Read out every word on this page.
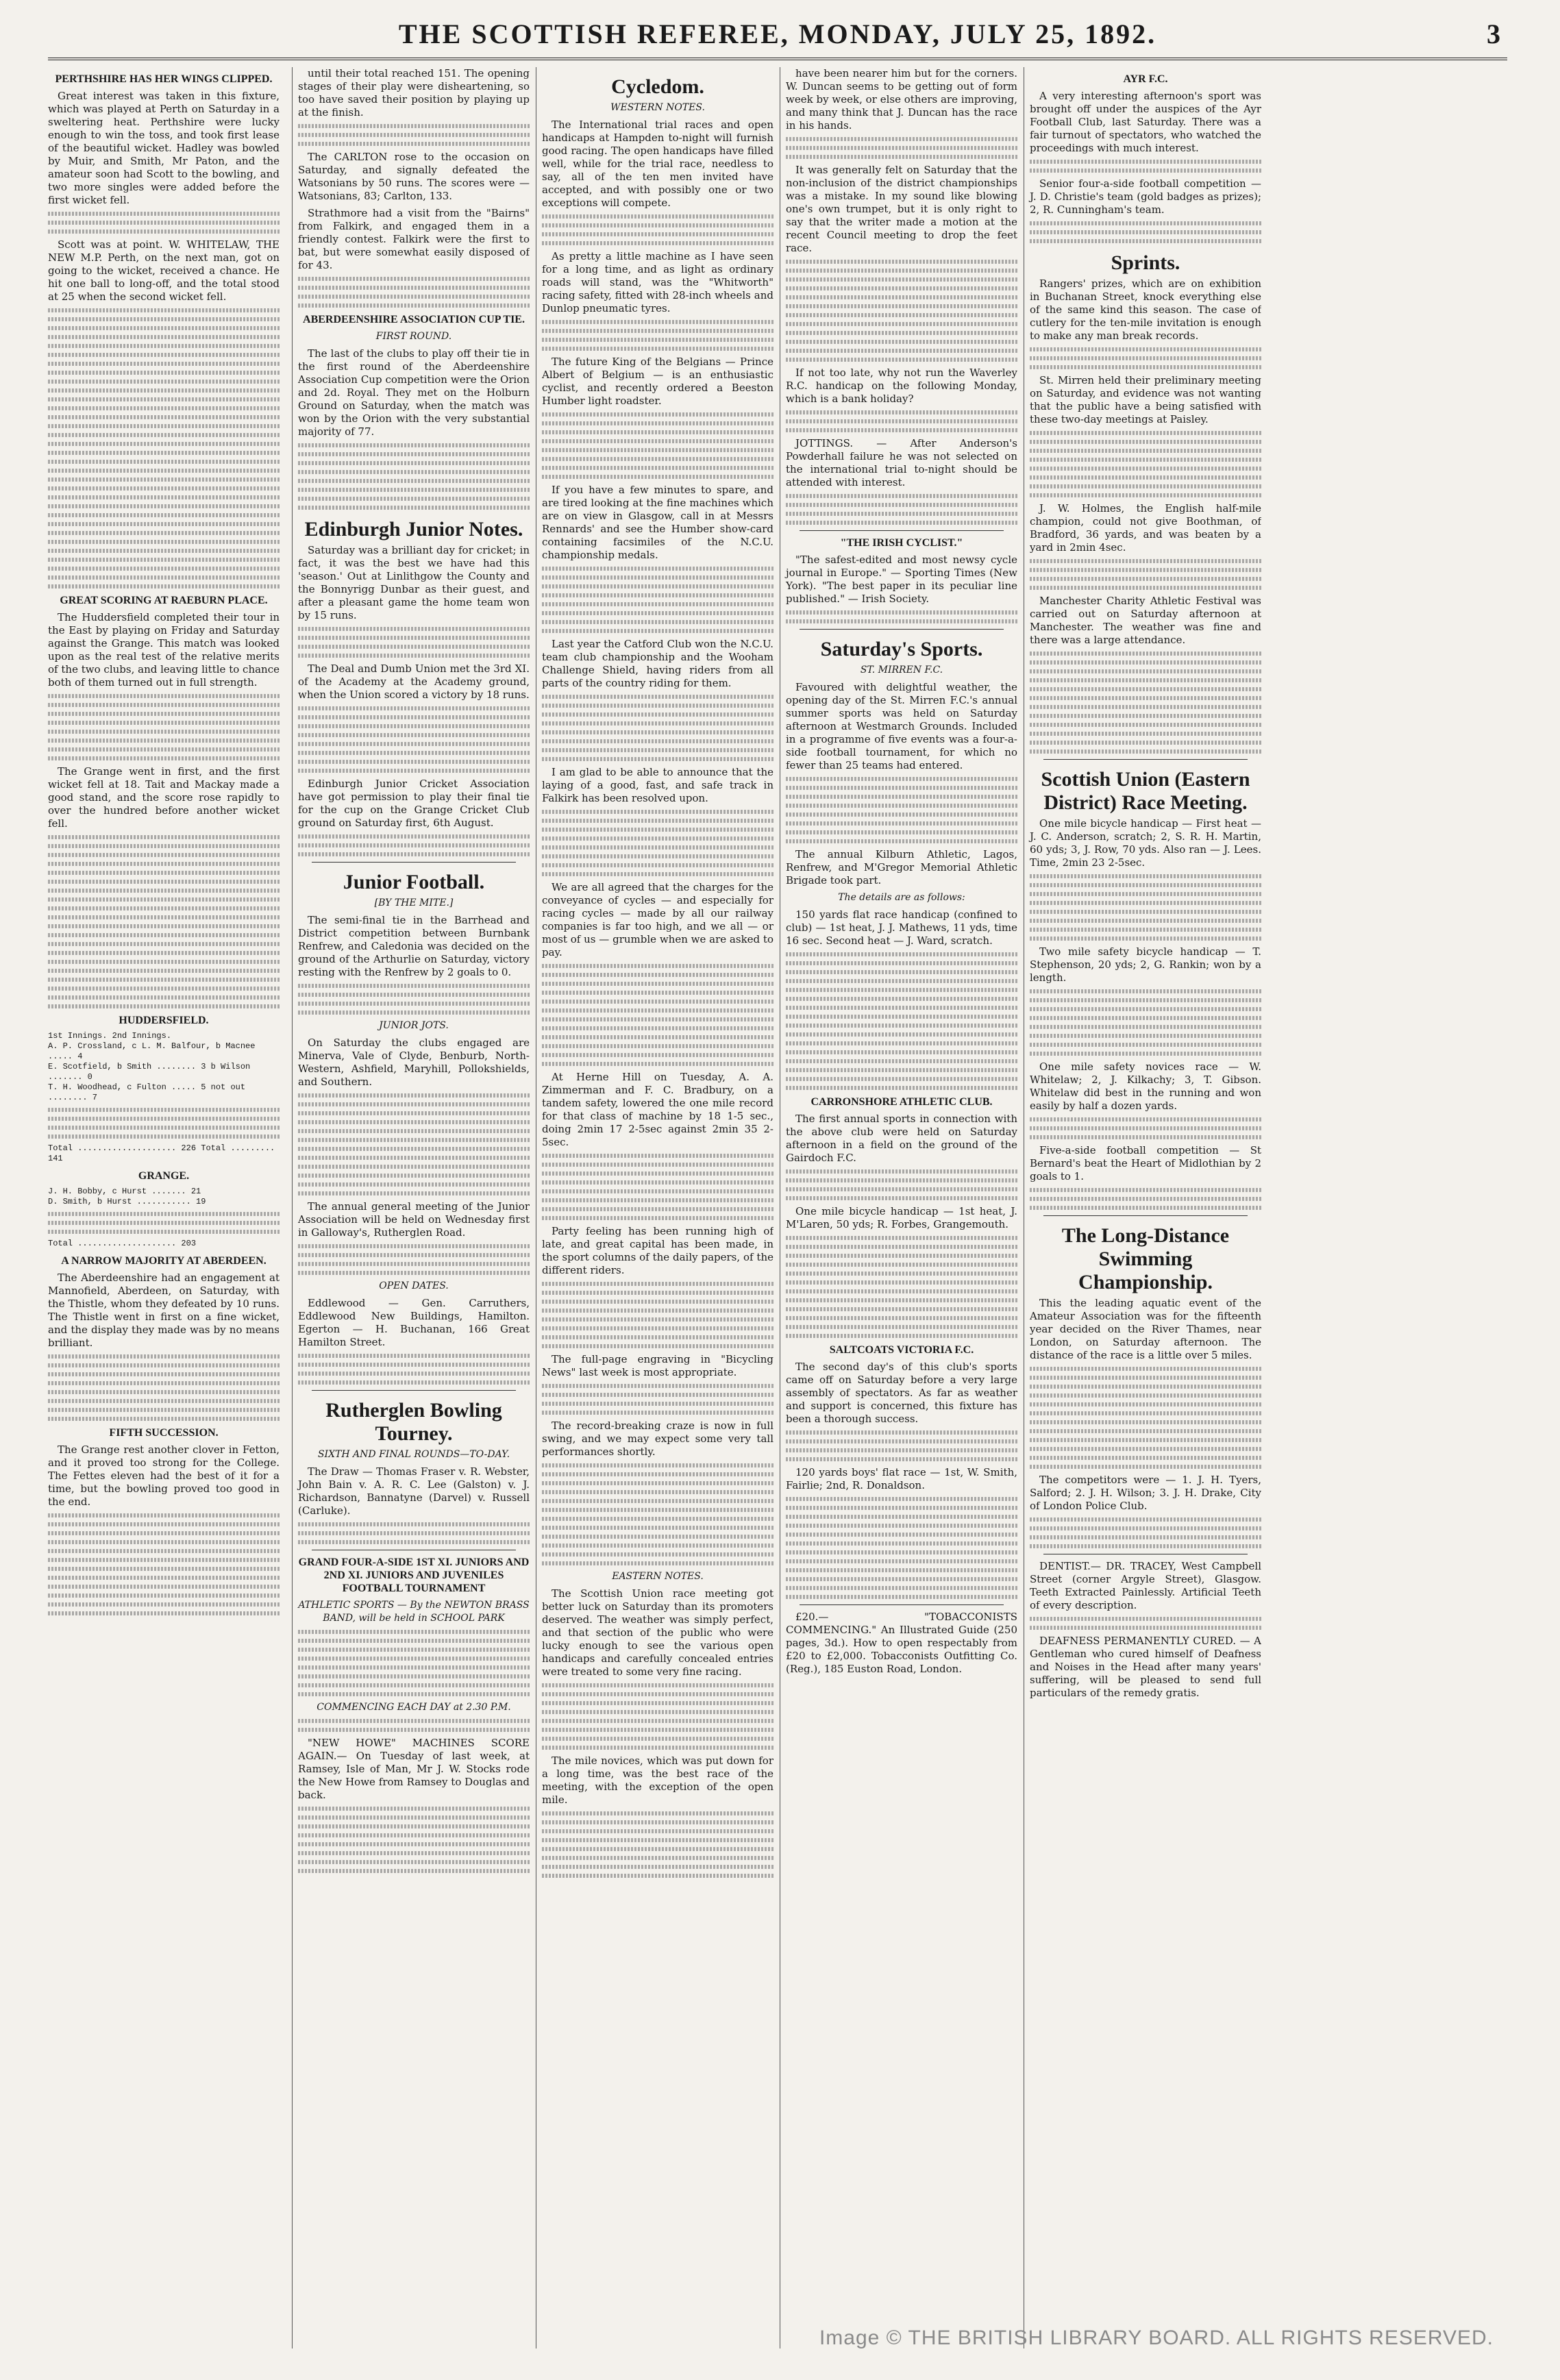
THE SCOTTISH REFEREE, MONDAY, JULY 25, 1892.	3
PERTHSHIRE HAS HER WINGS CLIPPED.

Great interest was taken in this fixture, which was played at Perth on Saturday in a sweltering heat. Perthshire were lucky enough to win the toss, and took first lease of the beautiful wicket. Hadley was bowled by Muir, and Smith, Mr Paton, and the amateur soon had Scott to the bowling, and two more singles were added before the first wicket fell.

Scott was at point. W. WHITELAW, THE NEW M.P. Perth, on the next man, got on going to the wicket, received a chance. He hit one ball to long-off, and the total stood at 25 when the second wicket fell.

GREAT SCORING AT RAEBURN PLACE.

The Huddersfield completed their tour in the East by playing on Friday and Saturday against the Grange. This match was looked upon as the real test of the relative merits of the two clubs, and leaving little to chance both of them turned out in full strength.

The Grange went in first, and the first wicket fell at 18. Tait and Mackay made a good stand, and the score rose rapidly to over the hundred before another wicket fell.

HUDDERSFIELD.
1st Innings. 2nd Innings.
A. P. Crossland, c L. M. Balfour, b Macnee ..... 4
E. Scotfield, b Smith ........ 3 b Wilson ....... 0
T. H. Woodhead, c Fulton ..... 5 not out ........ 7
Total .................... 226 Total ......... 141
GRANGE.
J. H. Bobby, c Hurst ....... 21
D. Smith, b Hurst ........... 19
Total .................... 203
A NARROW MAJORITY AT ABERDEEN.

The Aberdeenshire had an engagement at Mannofield, Aberdeen, on Saturday, with the Thistle, whom they defeated by 10 runs. The Thistle went in first on a fine wicket, and the display they made was by no means brilliant.

FIFTH SUCCESSION.

The Grange rest another clover in Fetton, and it proved too strong for the College. The Fettes eleven had the best of it for a time, but the bowling proved too good in the end.

until their total reached 151. The opening stages of their play were disheartening, so too have saved their position by playing up at the finish.

The CARLTON rose to the occasion on Saturday, and signally defeated the Watsonians by 50 runs. The scores were — Watsonians, 83; Carlton, 133.

Strathmore had a visit from the "Bairns" from Falkirk, and engaged them in a friendly contest. Falkirk were the first to bat, but were somewhat easily disposed of for 43.

ABERDEENSHIRE ASSOCIATION CUP TIE.
FIRST ROUND.

The last of the clubs to play off their tie in the first round of the Aberdeenshire Association Cup competition were the Orion and 2d. Royal. They met on the Holburn Ground on Saturday, when the match was won by the Orion with the very substantial majority of 77.

Edinburgh Junior Notes.

Saturday was a brilliant day for cricket; in fact, it was the best we have had this 'season.' Out at Linlithgow the County and the Bonnyrigg Dunbar as their guest, and after a pleasant game the home team won by 15 runs.

The Deal and Dumb Union met the 3rd XI. of the Academy at the Academy ground, when the Union scored a victory by 18 runs.

Edinburgh Junior Cricket Association have got permission to play their final tie for the cup on the Grange Cricket Club ground on Saturday first, 6th August.

Junior Football.
[BY THE MITE.]

The semi-final tie in the Barrhead and District competition between Burnbank Renfrew, and Caledonia was decided on the ground of the Arthurlie on Saturday, victory resting with the Renfrew by 2 goals to 0.

JUNIOR JOTS.

On Saturday the clubs engaged are Minerva, Vale of Clyde, Benburb, North-Western, Ashfield, Maryhill, Pollokshields, and Southern.

The annual general meeting of the Junior Association will be held on Wednesday first in Galloway's, Rutherglen Road.

OPEN DATES.

Eddlewood — Gen. Carruthers, Eddlewood New Buildings, Hamilton. Egerton — H. Buchanan, 166 Great Hamilton Street.

Rutherglen Bowling Tourney.
SIXTH AND FINAL ROUNDS—TO-DAY.

The Draw — Thomas Fraser v. R. Webster, John Bain v. A. R. C. Lee (Galston) v. J. Richardson, Bannatyne (Darvel) v. Russell (Carluke).

GRAND FOUR-A-SIDE 1ST XI. JUNIORS AND 2ND XI. JUNIORS AND JUVENILES FOOTBALL TOURNAMENT
ATHLETIC SPORTS — By the NEWTON BRASS BAND, will be held in SCHOOL PARK
COMMENCING EACH DAY at 2.30 P.M.

"NEW HOWE" MACHINES SCORE AGAIN.— On Tuesday of last week, at Ramsey, Isle of Man, Mr J. W. Stocks rode the New Howe from Ramsey to Douglas and back.

Cycledom.
WESTERN NOTES.

The International trial races and open handicaps at Hampden to-night will furnish good racing. The open handicaps have filled well, while for the trial race, needless to say, all of the ten men invited have accepted, and with possibly one or two exceptions will compete.

As pretty a little machine as I have seen for a long time, and as light as ordinary roads will stand, was the "Whitworth" racing safety, fitted with 28-inch wheels and Dunlop pneumatic tyres.

The future King of the Belgians — Prince Albert of Belgium — is an enthusiastic cyclist, and recently ordered a Beeston Humber light roadster.

If you have a few minutes to spare, and are tired looking at the fine machines which are on view in Glasgow, call in at Messrs Rennards' and see the Humber show-card containing facsimiles of the N.C.U. championship medals.

Last year the Catford Club won the N.C.U. team club championship and the Wooham Challenge Shield, having riders from all parts of the country riding for them.

I am glad to be able to announce that the laying of a good, fast, and safe track in Falkirk has been resolved upon.

We are all agreed that the charges for the conveyance of cycles — and especially for racing cycles — made by all our railway companies is far too high, and we all — or most of us — grumble when we are asked to pay.

At Herne Hill on Tuesday, A. A. Zimmerman and F. C. Bradbury, on a tandem safety, lowered the one mile record for that class of machine by 18 1-5 sec., doing 2min 17 2-5sec against 2min 35 2-5sec.

Party feeling has been running high of late, and great capital has been made, in the sport columns of the daily papers, of the different riders.

The full-page engraving in "Bicycling News" last week is most appropriate.

The record-breaking craze is now in full swing, and we may expect some very tall performances shortly.

EASTERN NOTES.

The Scottish Union race meeting got better luck on Saturday than its promoters deserved. The weather was simply perfect, and that section of the public who were lucky enough to see the various open handicaps and carefully concealed entries were treated to some very fine racing.

The mile novices, which was put down for a long time, was the best race of the meeting, with the exception of the open mile.

have been nearer him but for the corners. W. Duncan seems to be getting out of form week by week, or else others are improving, and many think that J. Duncan has the race in his hands.

It was generally felt on Saturday that the non-inclusion of the district championships was a mistake. In my sound like blowing one's own trumpet, but it is only right to say that the writer made a motion at the recent Council meeting to drop the feet race.

If not too late, why not run the Waverley R.C. handicap on the following Monday, which is a bank holiday?

JOTTINGS. — After Anderson's Powderhall failure he was not selected on the international trial to-night should be attended with interest.

"THE IRISH CYCLIST."

"The safest-edited and most newsy cycle journal in Europe." — Sporting Times (New York). "The best paper in its peculiar line published." — Irish Society.

Saturday's Sports.
ST. MIRREN F.C.

Favoured with delightful weather, the opening day of the St. Mirren F.C.'s annual summer sports was held on Saturday afternoon at Westmarch Grounds. Included in a programme of five events was a four-a-side football tournament, for which no fewer than 25 teams had entered.

The annual Kilburn Athletic, Lagos, Renfrew, and M'Gregor Memorial Athletic Brigade took part.

The details are as follows:

150 yards flat race handicap (confined to club) — 1st heat, J. J. Mathews, 11 yds, time 16 sec. Second heat — J. Ward, scratch.

CARRONSHORE ATHLETIC CLUB.

The first annual sports in connection with the above club were held on Saturday afternoon in a field on the ground of the Gairdoch F.C.

One mile bicycle handicap — 1st heat, J. M'Laren, 50 yds; R. Forbes, Grangemouth.

SALTCOATS VICTORIA F.C.

The second day's of this club's sports came off on Saturday before a very large assembly of spectators. As far as weather and support is concerned, this fixture has been a thorough success.

120 yards boys' flat race — 1st, W. Smith, Fairlie; 2nd, R. Donaldson.

£20.— "TOBACCONISTS COMMENCING." An Illustrated Guide (250 pages, 3d.). How to open respectably from £20 to £2,000. Tobacconists Outfitting Co. (Reg.), 185 Euston Road, London.

AYR F.C.

A very interesting afternoon's sport was brought off under the auspices of the Ayr Football Club, last Saturday. There was a fair turnout of spectators, who watched the proceedings with much interest.

Senior four-a-side football competition — J. D. Christie's team (gold badges as prizes); 2, R. Cunningham's team.

Sprints.

Rangers' prizes, which are on exhibition in Buchanan Street, knock everything else of the same kind this season. The case of cutlery for the ten-mile invitation is enough to make any man break records.

St. Mirren held their preliminary meeting on Saturday, and evidence was not wanting that the public have a being satisfied with these two-day meetings at Paisley.

J. W. Holmes, the English half-mile champion, could not give Boothman, of Bradford, 36 yards, and was beaten by a yard in 2min 4sec.

Manchester Charity Athletic Festival was carried out on Saturday afternoon at Manchester. The weather was fine and there was a large attendance.

Scottish Union (Eastern District) Race Meeting.

One mile bicycle handicap — First heat — J. C. Anderson, scratch; 2, S. R. H. Martin, 60 yds; 3, J. Row, 70 yds. Also ran — J. Lees. Time, 2min 23 2-5sec.

Two mile safety bicycle handicap — T. Stephenson, 20 yds; 2, G. Rankin; won by a length.

One mile safety novices race — W. Whitelaw; 2, J. Kilkachy; 3, T. Gibson. Whitelaw did best in the running and won easily by half a dozen yards.

Five-a-side football competition — St Bernard's beat the Heart of Midlothian by 2 goals to 1.

The Long-Distance Swimming Championship.

This the leading aquatic event of the Amateur Association was for the fifteenth year decided on the River Thames, near London, on Saturday afternoon. The distance of the race is a little over 5 miles.

The competitors were — 1. J. H. Tyers, Salford; 2. J. H. Wilson; 3. J. H. Drake, City of London Police Club.

DENTIST.— DR. TRACEY, West Campbell Street (corner Argyle Street), Glasgow. Teeth Extracted Painlessly. Artificial Teeth of every description.

DEAFNESS PERMANENTLY CURED. — A Gentleman who cured himself of Deafness and Noises in the Head after many years' suffering, will be pleased to send full particulars of the remedy gratis.

Image © THE BRITISH LIBRARY BOARD. ALL RIGHTS RESERVED.
